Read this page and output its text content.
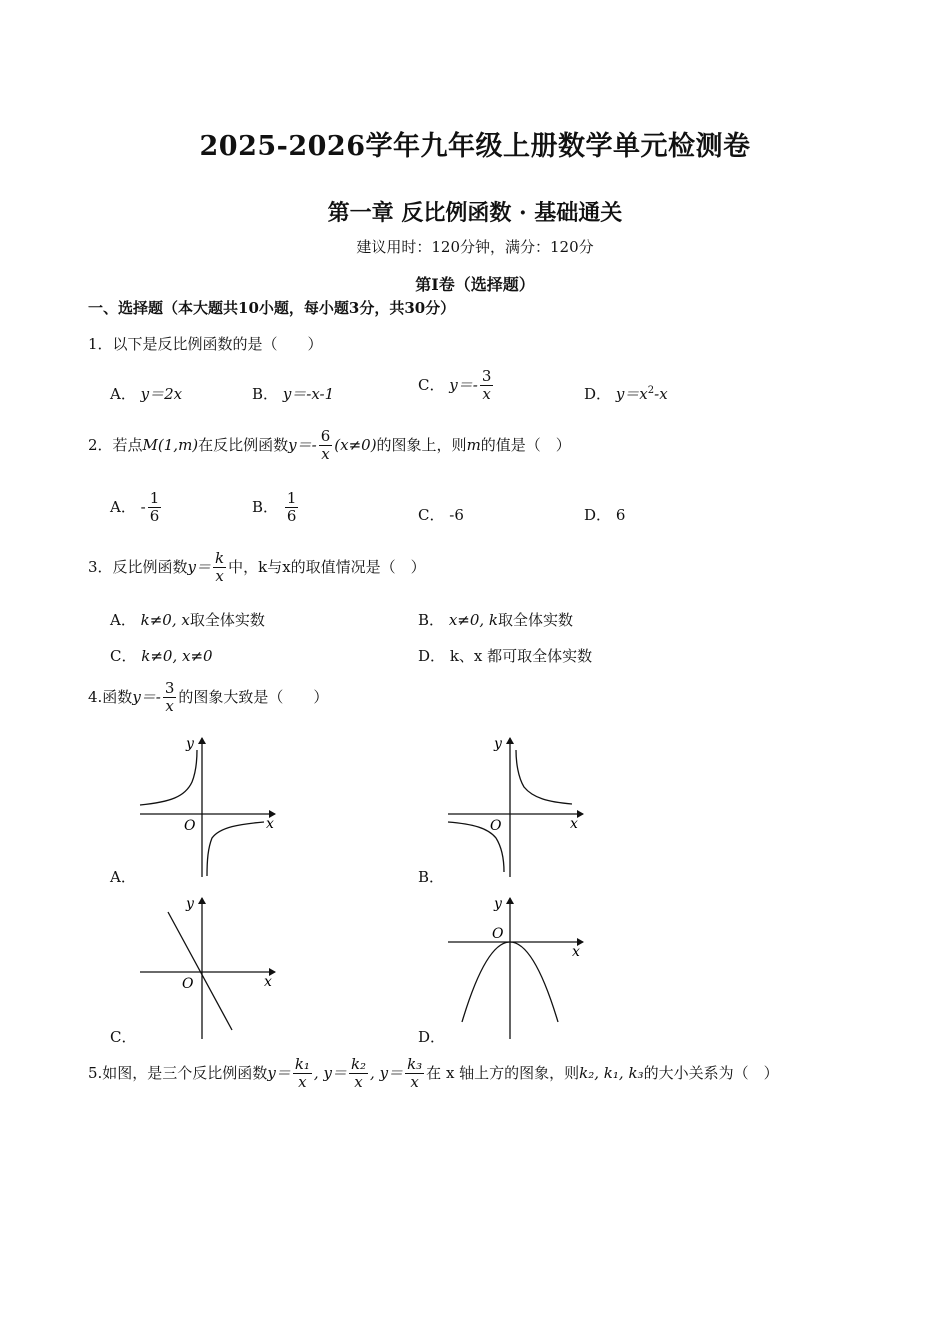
2025-2026学年九年级上册数学单元检测卷
第一章 反比例函数 · 基础通关
建议用时：120分钟，满分：120分
第Ⅰ卷（选择题）
一、选择题（本大题共10小题，每小题3分，共30分）
1．以下是反比例函数的是（　　）
A． y＝2x	B． y＝-x-1
C． $y=- \frac{3}{x}$	D． $y=x^2-x$
2．若点M(1,m)在反比例函数$y=- \frac{6}{x} (x\ne 0)$的图象上，则m的值是（　）
A． - $\frac{1}{6}$	B． $\frac{1}{6}$	C． -6	D． 6
3．反比例函数$y= \frac{k}{x}$ 中，k与x的取值情况是（　）
A． k≠0, x取全体实数	B． x≠0, k取全体实数
C． k≠0, x≠0	D． k、x 都可取全体实数
4.函数$y=- \frac{3}{x}$ 的图象大致是（　　）
x
y
O
A．
x
y
O
B．
x
y
O
C．
x
y
O
D．
5.如图，是三个反比例函数$y= \frac{\text{k₁}}{x}$ , $y= \frac{\text{k₂}}{x}$ , $y= \frac{\text{k₃}}{x}$ 在 x 轴上方的图象，则k₂, k₁, k₃的大小关系为（　）
